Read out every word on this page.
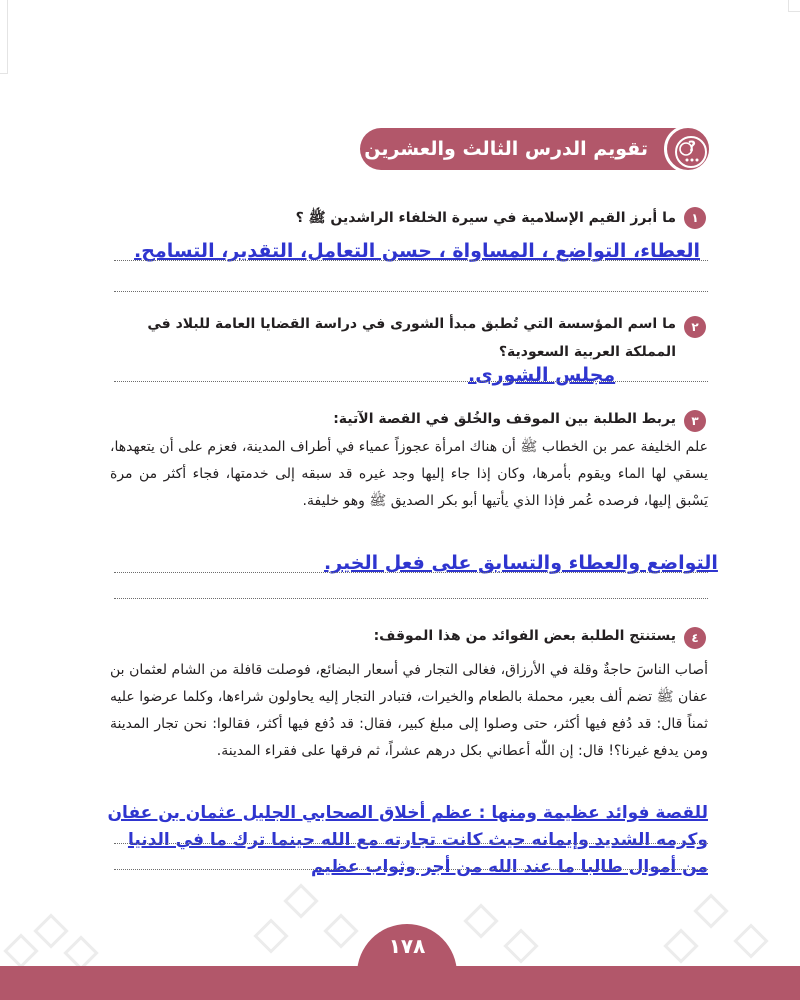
?
تقويم الدرس الثالث والعشرين
١
ما أبرز القيم الإسلامية في سيرة الخلفاء الراشدين ﷺ ؟
العطاء، التواضع ، المساواة ، حسن التعامل، التقدير، التسامح.
٢
ما اسم المؤسسة التي تُطبق مبدأ الشورى في دراسة القضايا العامة للبلاد في
المملكة العربية السعودية؟
مجلس الشورى.
٣
يربط الطلبة بين الموقف والخُلق في القصة الآتية:
علم الخليفة عمر بن الخطاب ﷺ أن هناك امرأة عجوزاً عمياء في أطراف المدينة، فعزم على أن يتعهدها، يسقي لها الماء ويقوم بأمرها، وكان إذا جاء إليها وجد غيره قد سبقه إلى خدمتها، فجاء أكثر من مرة يَسْبق إليها، فرصده عُمر فإذا الذي يأتيها أبو بكر الصديق ﷺ وهو خليفة.
التواضع والعطاء والتسابق على فعل الخير.
٤
يستنتج الطلبة بعض الفوائد من هذا الموقف:
أصاب الناسَ حاجةٌ وقلة في الأرزاق، فغالى التجار في أسعار البضائع، فوصلت قافلة من الشام لعثمان بن عفان ﷺ تضم ألف بعير، محملة بالطعام والخيرات، فتبادر التجار إليه يحاولون شراءها، وكلما عرضوا عليه ثمناً قال: قد دُفع فيها أكثر، حتى وصلوا إلى مبلغ كبير، فقال: قد دُفع فيها أكثر، فقالوا: نحن تجار المدينة ومن يدفع غيرنا؟! قال: إن اللّٰه أعطاني بكل درهم عشراً، ثم فرقها على فقراء المدينة.
للقصة فوائد عظيمة ومنها : عظم أخلاق الصحابي الجليل عثمان بن عفان
وكرمه الشديد وإيمانه حيث كانت تجارته مع الله حينما ترك ما في الدنيا
من أموال طالبا ما عند الله من أجر وثواب عظيم
١٧٨
